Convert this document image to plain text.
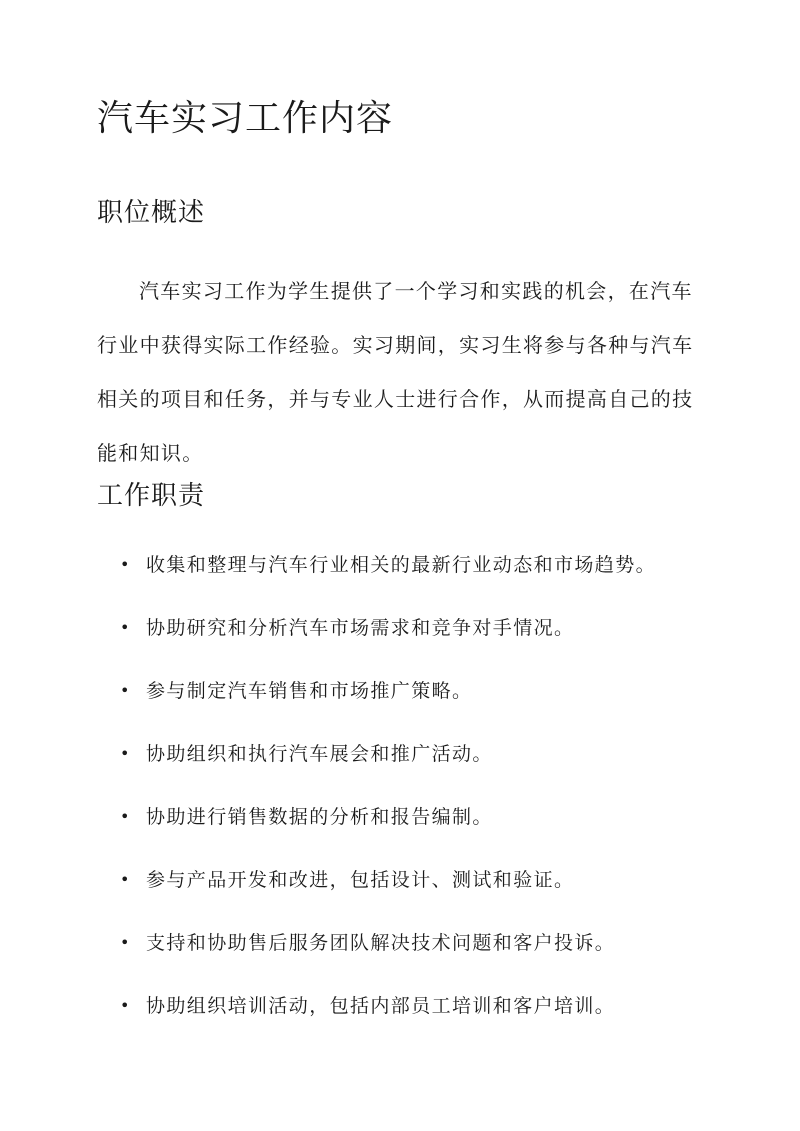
汽车实习工作内容
职位概述

汽车实习工作为学生提供了一个学习和实践的机会，在汽车行业中获得实际工作经验。实习期间，实习生将参与各种与汽车相关的项目和任务，并与专业人士进行合作，从而提高自己的技能和知识。

工作职责
• 收集和整理与汽车行业相关的最新行业动态和市场趋势。
• 协助研究和分析汽车市场需求和竞争对手情况。
• 参与制定汽车销售和市场推广策略。
• 协助组织和执行汽车展会和推广活动。
• 协助进行销售数据的分析和报告编制。
• 参与产品开发和改进，包括设计、测试和验证。
• 支持和协助售后服务团队解决技术问题和客户投诉。
• 协助组织培训活动，包括内部员工培训和客户培训。
